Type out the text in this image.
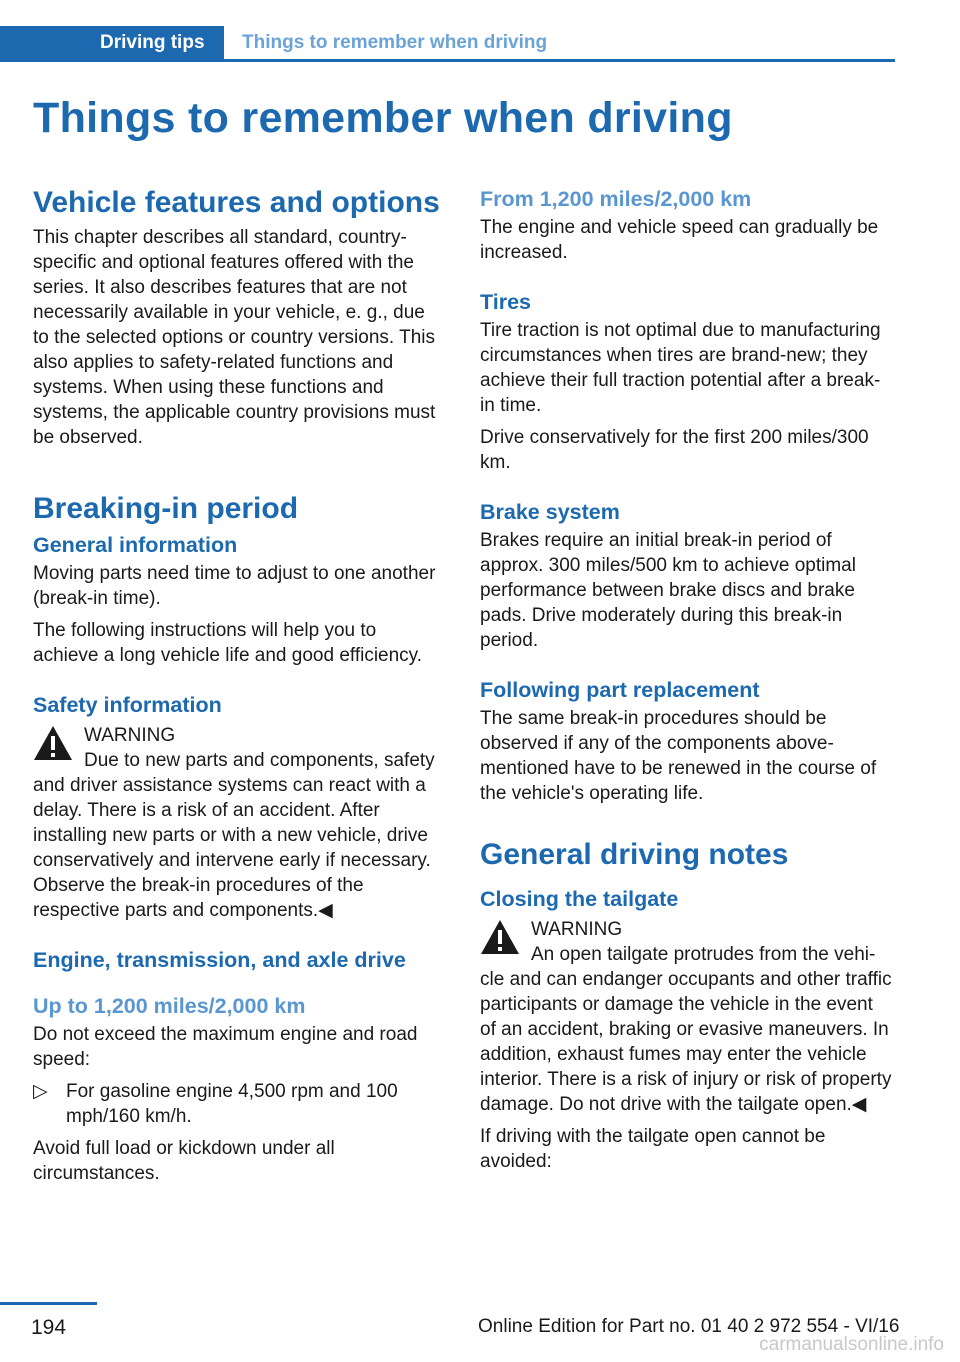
Driving tips	Things to remember when driving
Things to remember when driving
Vehicle features and options

This chapter describes all standard, country-specific and optional features offered with the series. It also describes features that are not necessarily available in your vehicle, e. g., due to the selected options or country versions. This also applies to safety-related functions and systems. When using these functions and systems, the applicable country provisions must be observed.

Breaking-in period
General information

Moving parts need time to adjust to one another (break-in time).

The following instructions will help you to achieve a long vehicle life and good efficiency.

Safety information
WARNING

Due to new parts and components, safety and driver assistance systems can react with a delay. There is a risk of an accident. After installing new parts or with a new vehicle, drive conservatively and intervene early if necessary. Observe the break-in procedures of the respective parts and components.◀

Engine, transmission, and axle drive
Up to 1,200 miles/2,000 km

Do not exceed the maximum engine and road speed:

▷ For gasoline engine 4,500 rpm and 100 mph/160 km/h.

Avoid full load or kickdown under all circumstances.

From 1,200 miles/2,000 km

The engine and vehicle speed can gradually be increased.

Tires

Tire traction is not optimal due to manufacturing circumstances when tires are brand-new; they achieve their full traction potential after a break-in time.

Drive conservatively for the first 200 miles/300 km.

Brake system

Brakes require an initial break-in period of approx. 300 miles/500 km to achieve optimal performance between brake discs and brake pads. Drive moderately during this break-in period.

Following part replacement

The same break-in procedures should be observed if any of the components above-mentioned have to be renewed in the course of the vehicle's operating life.

General driving notes
Closing the tailgate
WARNING

An open tailgate protrudes from the vehi- cle and can endanger occupants and other traffic participants or damage the vehicle in the event of an accident, braking or evasive maneuvers. In addition, exhaust fumes may enter the vehicle interior. There is a risk of injury or risk of property damage. Do not drive with the tailgate open.◀

If driving with the tailgate open cannot be avoided:

194	Online Edition for Part no. 01 40 2 972 554 - VI/16
carmanualsonline.info
